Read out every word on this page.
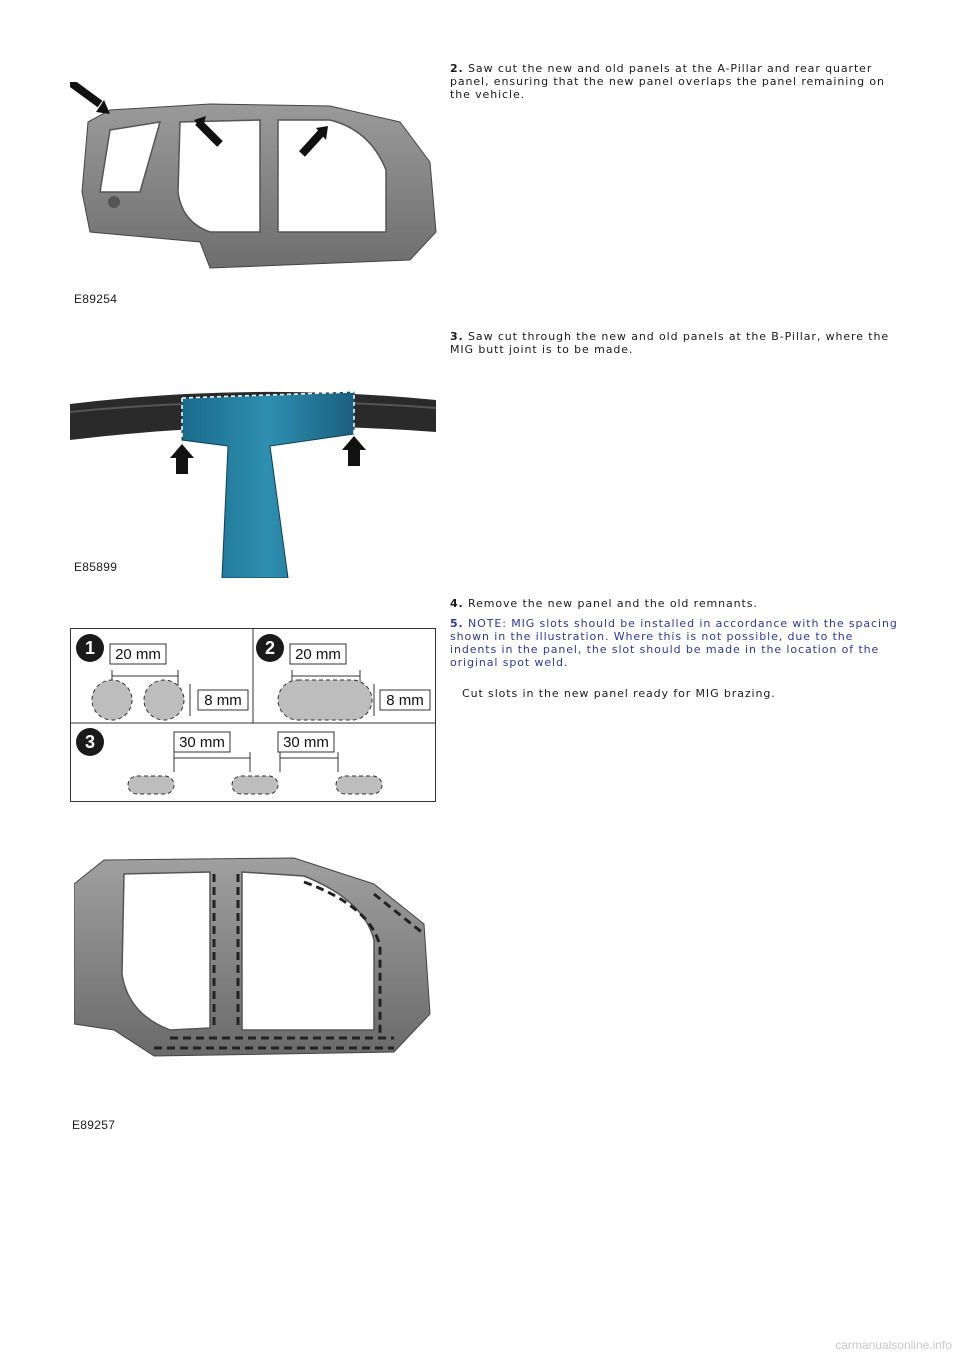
E89254
2. Saw cut the new and old panels at the A-Pillar and rear quarter panel, ensuring that the new panel overlaps the panel remaining on the vehicle.
E85899
3. Saw cut through the new and old panels at the B-Pillar, where the MIG butt joint is to be made.
1 20 mm
8 mm
2 20 mm
8 mm
3	30 mm	30 mm
4. Remove the new panel and the old remnants.
5. NOTE: MIG slots should be installed in accordance with the spacing shown in the illustration. Where this is not possible, due to the indents in the panel, the slot should be made in the location of the original spot weld.
Cut slots in the new panel ready for MIG brazing.
E89257
carmanualsonline.info
